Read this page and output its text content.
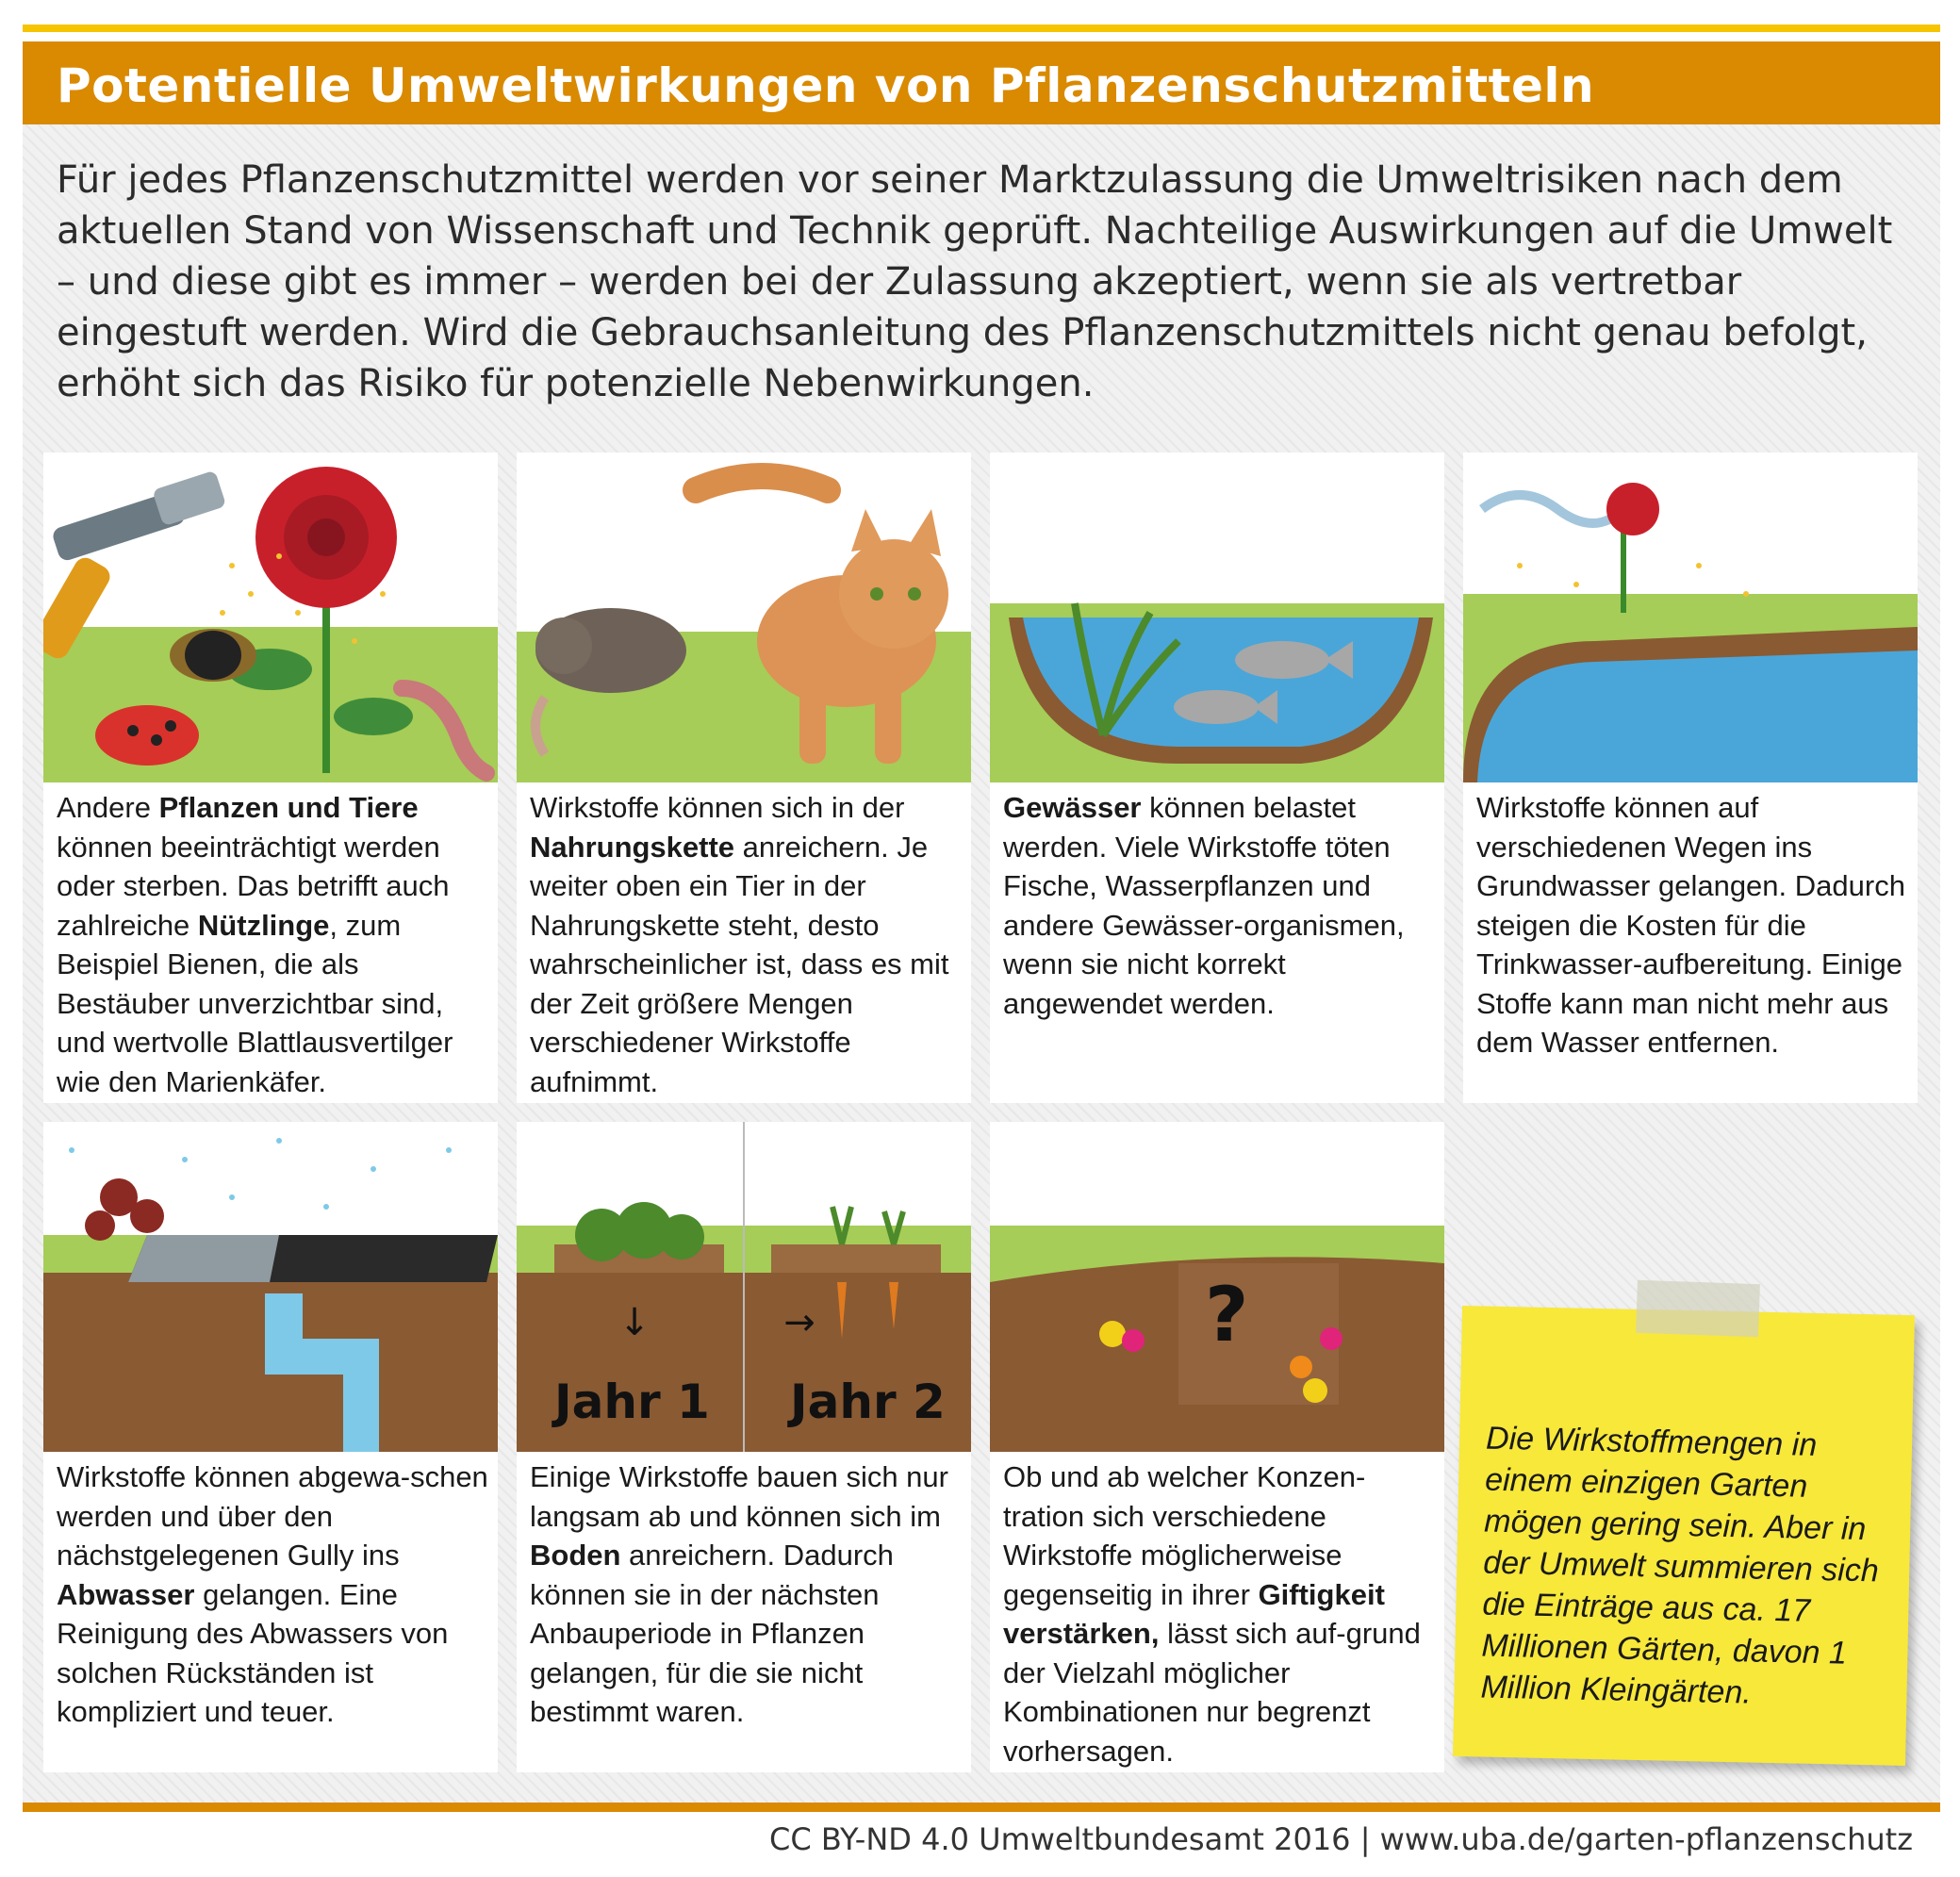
Potentielle Umweltwirkungen von Pflanzenschutzmitteln

Für jedes Pflanzenschutzmittel werden vor seiner Marktzulassung die Umweltrisiken nach dem aktuellen Stand von Wissenschaft und Technik geprüft. Nachteilige Auswirkungen auf die Umwelt – und diese gibt es immer – werden bei der Zulassung akzeptiert, wenn sie als vertretbar eingestuft werden. Wird die Gebrauchsanleitung des Pflanzenschutzmittels nicht genau befolgt, erhöht sich das Risiko für potenzielle Nebenwirkungen.

Andere Pflanzen und Tiere können beeinträchtigt werden oder sterben. Das betrifft auch zahlreiche Nützlinge, zum Beispiel Bienen, die als Bestäuber unverzichtbar sind, und wertvolle Blattlausvertilger wie den Marienkäfer.
Wirkstoffe können sich in der Nahrungskette anreichern. Je weiter oben ein Tier in der Nahrungskette steht, desto wahrscheinlicher ist, dass es mit der Zeit größere Mengen verschiedener Wirkstoffe aufnimmt.
Gewässer können belastet werden. Viele Wirkstoffe töten Fische, Wasserpflanzen und andere Gewässer-organismen, wenn sie nicht korrekt angewendet werden.
Wirkstoffe können auf verschiedenen Wegen ins Grundwasser gelangen. Dadurch steigen die Kosten für die Trinkwasser-aufbereitung. Einige Stoffe kann man nicht mehr aus dem Wasser entfernen.
Wirkstoffe können abgewa-schen werden und über den nächstgelegenen Gully ins Abwasser gelangen. Eine Reinigung des Abwassers von solchen Rückständen ist kompliziert und teuer.
↓	→
Jahr 1 Jahr 2
Einige Wirkstoffe bauen sich nur langsam ab und können sich im Boden anreichern. Dadurch können sie in der nächsten Anbauperiode in Pflanzen gelangen, für die sie nicht bestimmt waren.
?
Ob und ab welcher Konzen-tration sich verschiedene Wirkstoffe möglicherweise gegenseitig in ihrer Giftigkeit verstärken, lässt sich auf-grund der Vielzahl möglicher Kombinationen nur begrenzt vorhersagen.
Die Wirkstoffmengen in einem einzigen Garten mögen gering sein. Aber in der Umwelt summieren sich die Einträge aus ca. 17 Millionen Gärten, davon 1 Million Kleingärten.
CC BY-ND 4.0 Umweltbundesamt 2016 | www.uba.de/garten-pflanzenschutz
